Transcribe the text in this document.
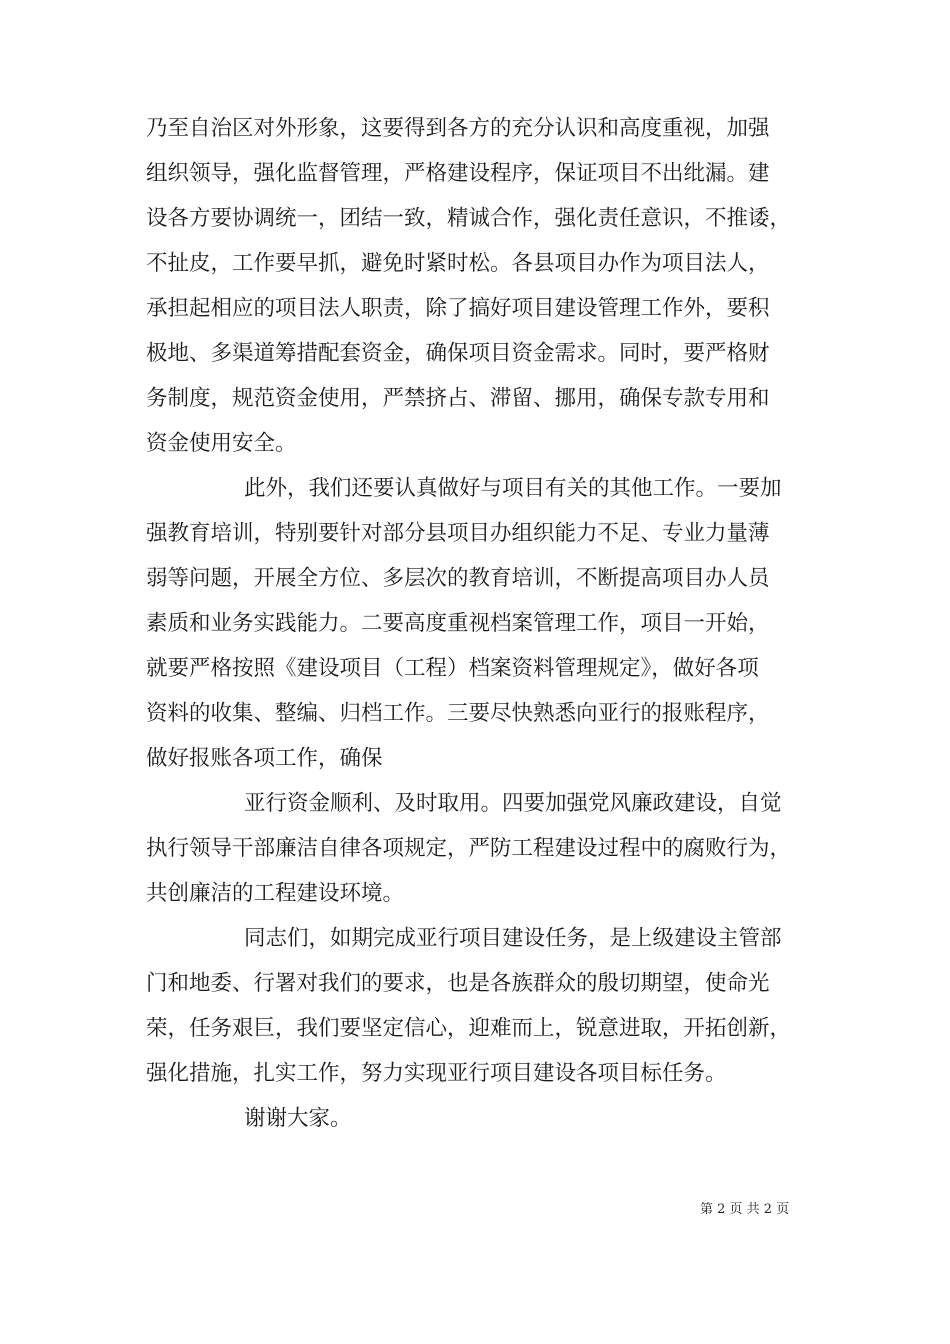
乃至自治区对外形象，这要得到各方的充分认识和高度重视，加强
组织领导，强化监督管理，严格建设程序，保证项目不出纰漏。建
设各方要协调统一，团结一致，精诚合作，强化责任意识，不推诿，
不扯皮，工作要早抓，避免时紧时松。各县项目办作为项目法人，
承担起相应的项目法人职责，除了搞好项目建设管理工作外，要积
极地、多渠道筹措配套资金，确保项目资金需求。同时，要严格财
务制度，规范资金使用，严禁挤占、滞留、挪用，确保专款专用和
资金使用安全。
此外，我们还要认真做好与项目有关的其他工作。一要加
强教育培训，特别要针对部分县项目办组织能力不足、专业力量薄
弱等问题，开展全方位、多层次的教育培训，不断提高项目办人员
素质和业务实践能力。二要高度重视档案管理工作，项目一开始，
就要严格按照《建设项目（工程）档案资料管理规定》，做好各项
资料的收集、整编、归档工作。三要尽快熟悉向亚行的报账程序，
做好报账各项工作，确保
亚行资金顺利、及时取用。四要加强党风廉政建设，自觉
执行领导干部廉洁自律各项规定，严防工程建设过程中的腐败行为，
共创廉洁的工程建设环境。
同志们，如期完成亚行项目建设任务，是上级建设主管部
门和地委、行署对我们的要求，也是各族群众的殷切期望，使命光
荣，任务艰巨，我们要坚定信心，迎难而上，锐意进取，开拓创新，
强化措施，扎实工作，努力实现亚行项目建设各项目标任务。
谢谢大家。
第 2 页 共 2 页
